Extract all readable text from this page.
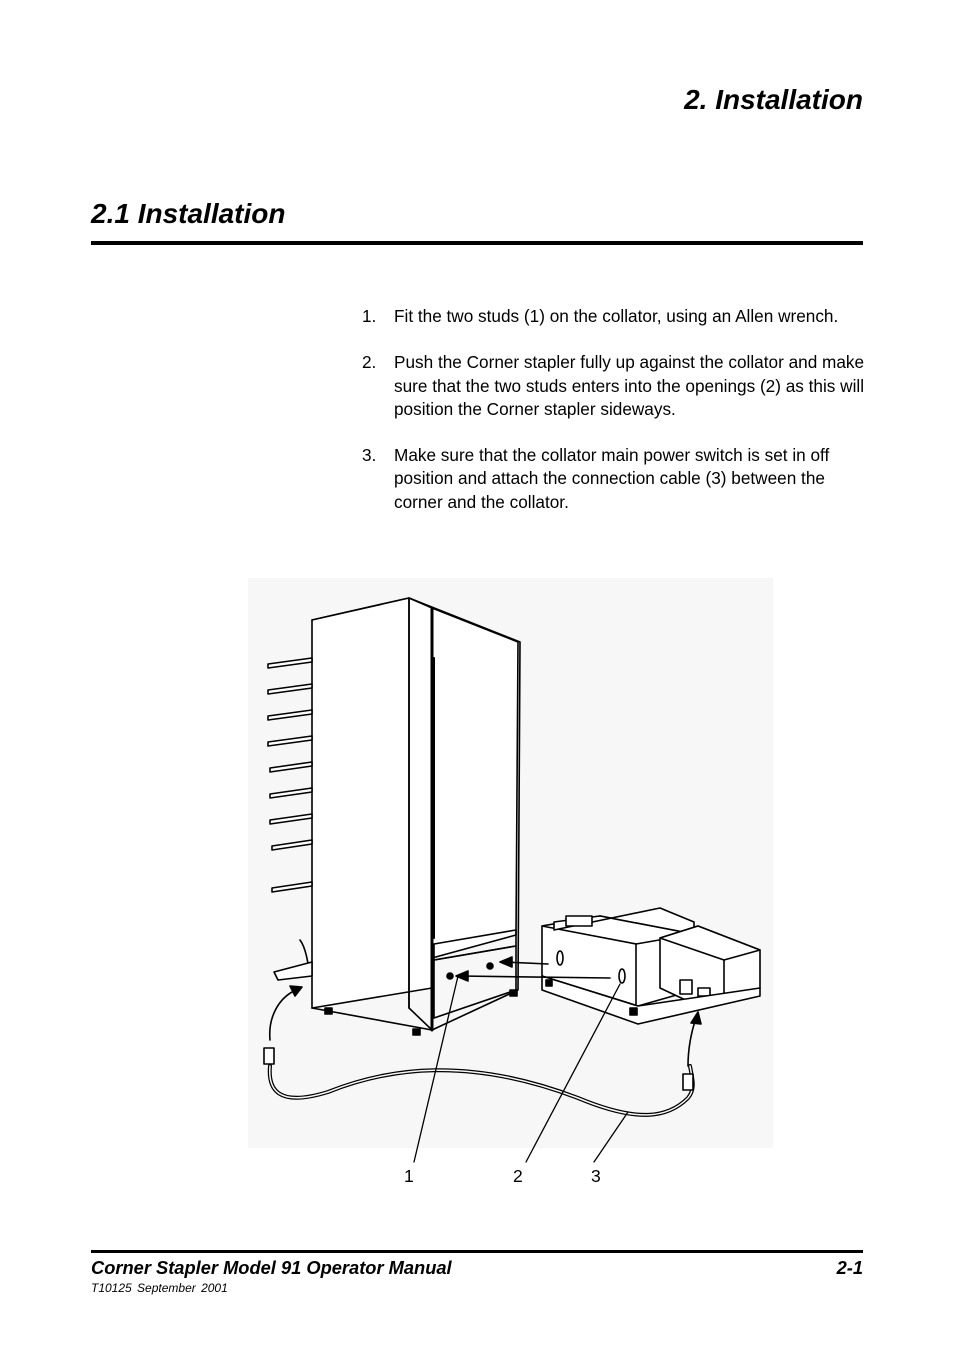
2. Installation
2.1 Installation
1. Fit the two studs (1) on the collator, using an Allen wrench.
2. Push the Corner stapler fully up against the collator and make sure that the two studs enters into the openings (2) as this will position the Corner stapler sideways.
3. Make sure that the collator main power switch is set in off position and attach the connection cable (3) between the corner and the collator.
1	2	3
Corner Stapler Model 91 Operator Manual	2-1
T10125 September 2001
